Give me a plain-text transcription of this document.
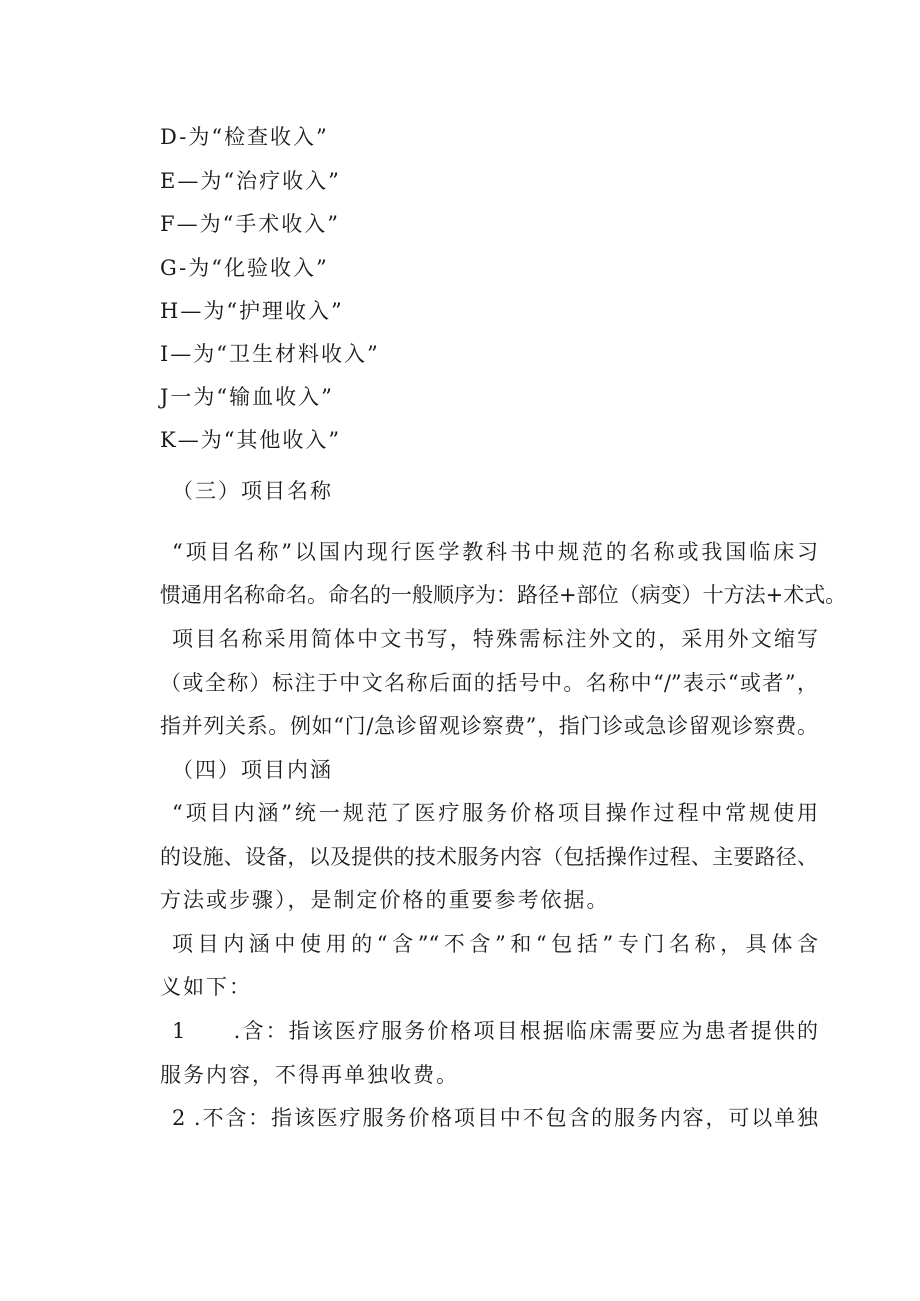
D-为“检查收入”
E—为“治疗收入”
F—为“手术收入”
G-为“化验收入”
H—为“护理收入”
I—为“卫生材料收入”
J一为“输血收入”
K—为“其他收入”
（三）项目名称
“项目名称”以国内现行医学教科书中规范的名称或我国临床习
惯通用名称命名。命名的一般顺序为：路径+部位（病变）十方法+术式。
项目名称采用简体中文书写，特殊需标注外文的，采用外文缩写
（或全称）标注于中文名称后面的括号中。名称中“/”表示“或者”，
指并列关系。例如“门/急诊留观诊察费”，指门诊或急诊留观诊察费。
（四）项目内涵
“项目内涵”统一规范了医疗服务价格项目操作过程中常规使用
的设施、设备，以及提供的技术服务内容（包括操作过程、主要路径、
方法或步骤），是制定价格的重要参考依据。
项目内涵中使用的“含”“不含”和“包括”专门名称，具体含
义如下：
1　　.含：指该医疗服务价格项目根据临床需要应为患者提供的
服务内容，不得再单独收费。
2 .不含：指该医疗服务价格项目中不包含的服务内容，可以单独
